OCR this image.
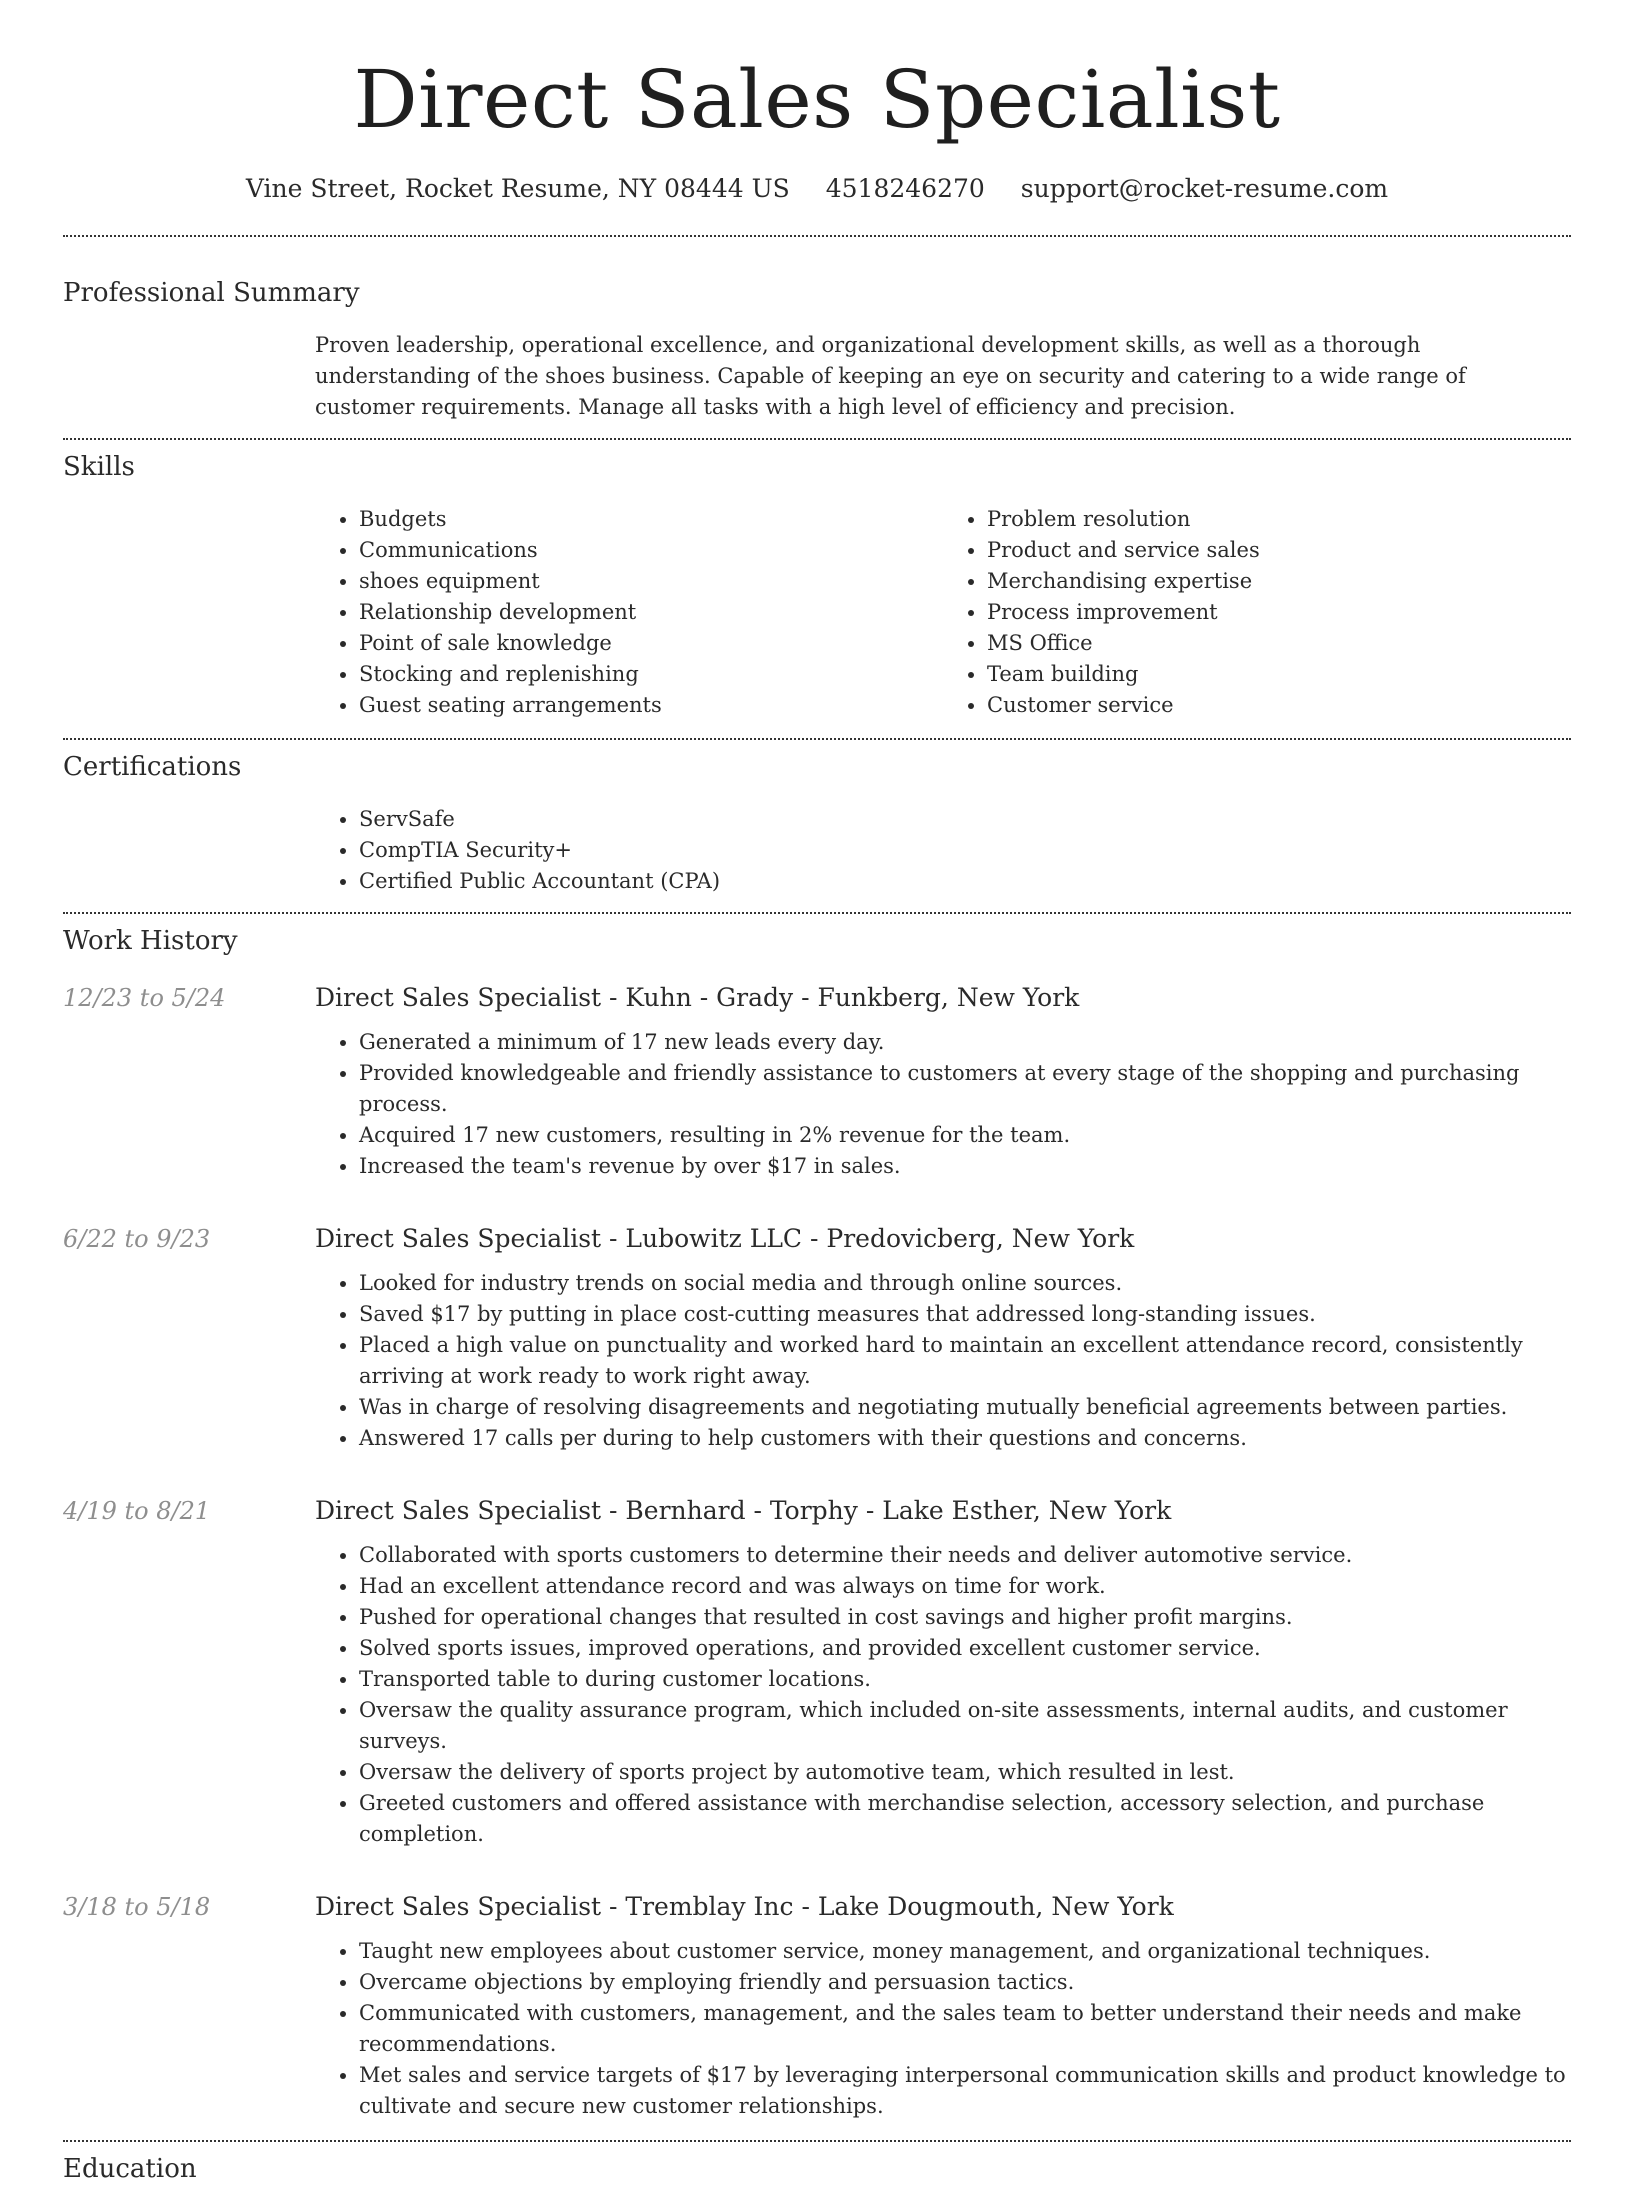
Direct Sales Specialist
Vine Street, Rocket Resume, NY 08444 US 4518246270 support@rocket-resume.com
Professional Summary

Proven leadership, operational excellence, and organizational development skills, as well as a thorough understanding of the shoes business. Capable of keeping an eye on security and catering to a wide range of customer requirements. Manage all tasks with a high level of efficiency and precision.

Skills
• Budgets
• Communications
• shoes equipment
• Relationship development
• Point of sale knowledge
• Stocking and replenishing
• Guest seating arrangements
• Problem resolution
• Product and service sales
• Merchandising expertise
• Process improvement
• MS Office
• Team building
• Customer service
Certifications
• ServSafe
• CompTIA Security+
• Certified Public Accountant (CPA)
Work History
12/23 to 5/24	Direct Sales Specialist - Kuhn - Grady - Funkberg, New York
• Generated a minimum of 17 new leads every day.
• Provided knowledgeable and friendly assistance to customers at every stage of the shopping and purchasing process.
• Acquired 17 new customers, resulting in 2% revenue for the team.
• Increased the team's revenue by over $17 in sales.
6/22 to 9/23	Direct Sales Specialist - Lubowitz LLC - Predovicberg, New York
• Looked for industry trends on social media and through online sources.
• Saved $17 by putting in place cost-cutting measures that addressed long-standing issues.
• Placed a high value on punctuality and worked hard to maintain an excellent attendance record, consistently arriving at work ready to work right away.
• Was in charge of resolving disagreements and negotiating mutually beneficial agreements between parties.
• Answered 17 calls per during to help customers with their questions and concerns.
4/19 to 8/21	Direct Sales Specialist - Bernhard - Torphy - Lake Esther, New York
• Collaborated with sports customers to determine their needs and deliver automotive service.
• Had an excellent attendance record and was always on time for work.
• Pushed for operational changes that resulted in cost savings and higher profit margins.
• Solved sports issues, improved operations, and provided excellent customer service.
• Transported table to during customer locations.
• Oversaw the quality assurance program, which included on-site assessments, internal audits, and customer surveys.
• Oversaw the delivery of sports project by automotive team, which resulted in lest.
• Greeted customers and offered assistance with merchandise selection, accessory selection, and purchase completion.
3/18 to 5/18	Direct Sales Specialist - Tremblay Inc - Lake Dougmouth, New York
• Taught new employees about customer service, money management, and organizational techniques.
• Overcame objections by employing friendly and persuasion tactics.
• Communicated with customers, management, and the sales team to better understand their needs and make recommendations.
• Met sales and service targets of $17 by leveraging interpersonal communication skills and product knowledge to cultivate and secure new customer relationships.
Education
